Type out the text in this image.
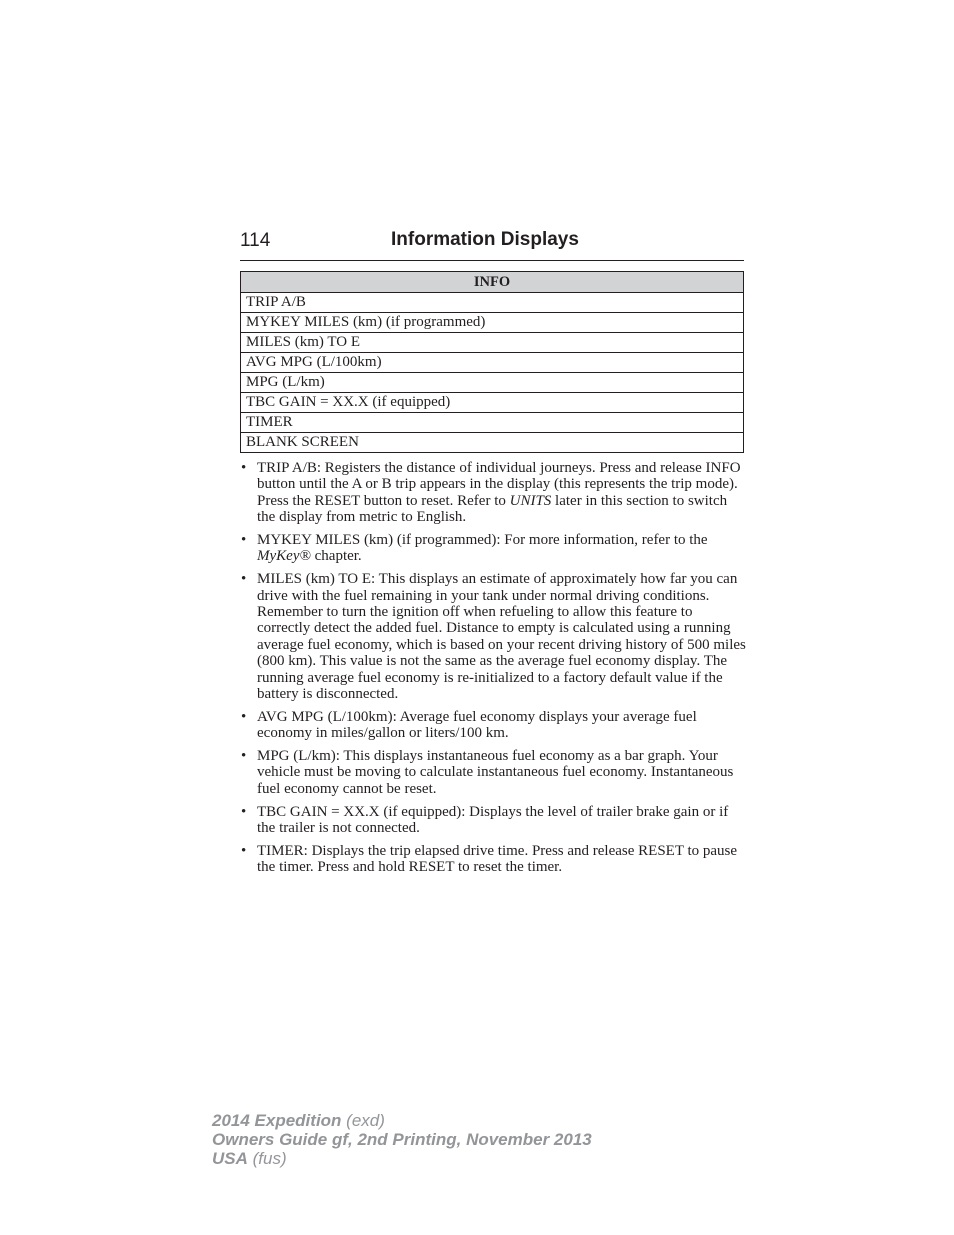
114	Information Displays
INFO
TRIP A/B
MYKEY MILES (km) (if programmed)
MILES (km) TO E
AVG MPG (L/100km)
MPG (L/km)
TBC GAIN = XX.X (if equipped)
TIMER
BLANK SCREEN
• TRIP A/B: Registers the distance of individual journeys. Press and release INFO button until the A or B trip appears in the display (this represents the trip mode). Press the RESET button to reset. Refer to UNITS later in this section to switch the display from metric to English.
• MYKEY MILES (km) (if programmed): For more information, refer to the MyKey® chapter.
• MILES (km) TO E: This displays an estimate of approximately how far you can drive with the fuel remaining in your tank under normal driving conditions. Remember to turn the ignition off when refueling to allow this feature to correctly detect the added fuel. Distance to empty is calculated using a running average fuel economy, which is based on your recent driving history of 500 miles (800 km). This value is not the same as the average fuel economy display. The running average fuel economy is re-initialized to a factory default value if the battery is disconnected.
• AVG MPG (L/100km): Average fuel economy displays your average fuel economy in miles/gallon or liters/100 km.
• MPG (L/km): This displays instantaneous fuel economy as a bar graph. Your vehicle must be moving to calculate instantaneous fuel economy. Instantaneous fuel economy cannot be reset.
• TBC GAIN = XX.X (if equipped): Displays the level of trailer brake gain or if the trailer is not connected.
• TIMER: Displays the trip elapsed drive time. Press and release RESET to pause the timer. Press and hold RESET to reset the timer.
2014 Expedition (exd)
Owners Guide gf, 2nd Printing, November 2013
USA (fus)
